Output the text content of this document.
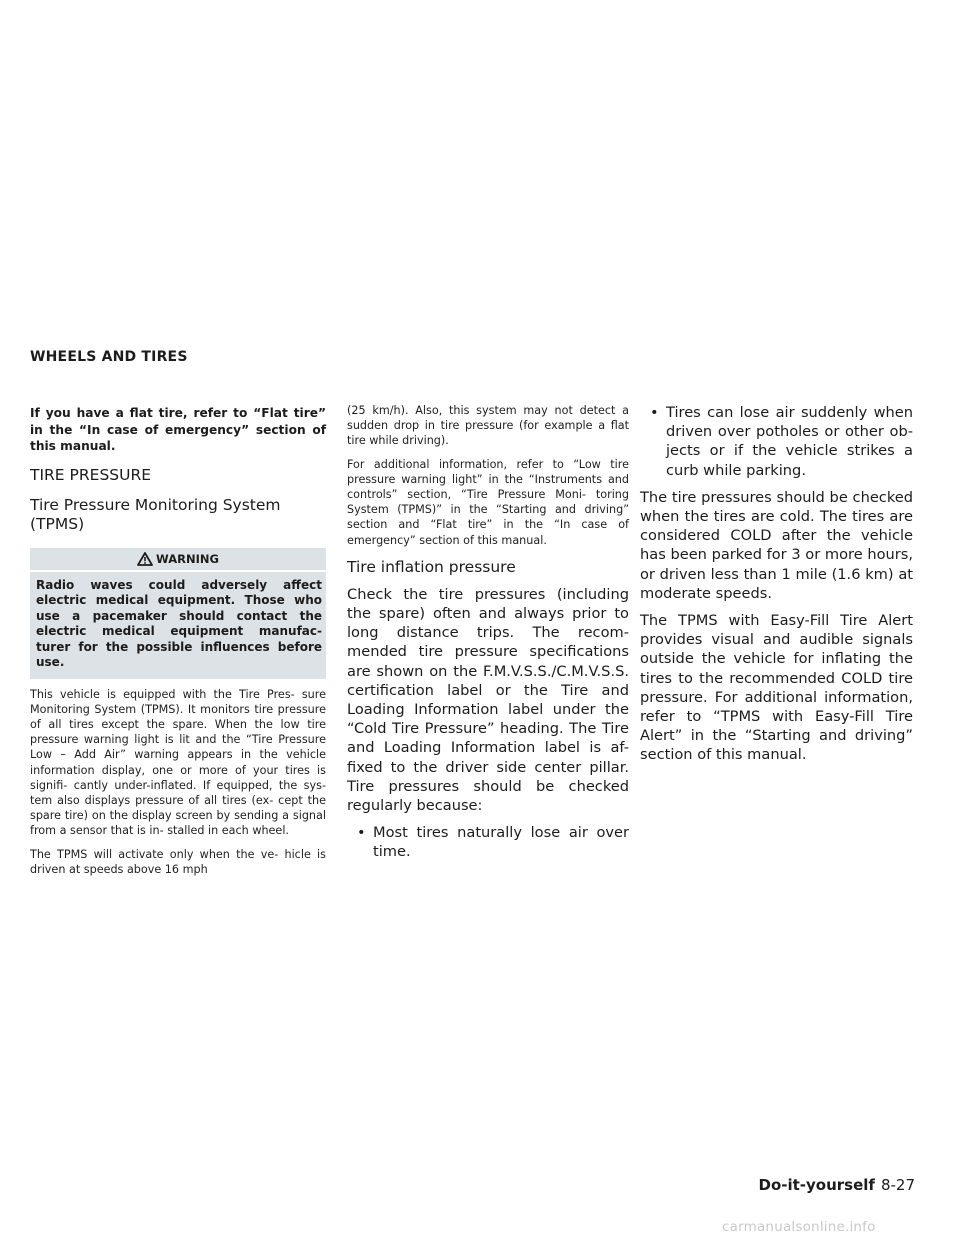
WHEELS AND TIRES

If you have a flat tire, refer to “Flat tire” in the “In case of emergency” section of this manual.

TIRE PRESSURE
Tire Pressure Monitoring System (TPMS)
WARNING
Radio waves could adversely affect electric medical equipment. Those who use a pacemaker should contact the electric medical equipment manufac- turer for the possible influences before use.

This vehicle is equipped with the Tire Pres- sure Monitoring System (TPMS). It monitors tire pressure of all tires except the spare. When the low tire pressure warning light is lit and the “Tire Pressure Low – Add Air” warning appears in the vehicle information display, one or more of your tires is signifi- cantly under-inflated. If equipped, the sys- tem also displays pressure of all tires (ex- cept the spare tire) on the display screen by sending a signal from a sensor that is in- stalled in each wheel.

The TPMS will activate only when the ve- hicle is driven at speeds above 16 mph

(25 km/h). Also, this system may not detect a sudden drop in tire pressure (for example a flat tire while driving).

For additional information, refer to “Low tire pressure warning light” in the “Instruments and controls” section, “Tire Pressure Moni- toring System (TPMS)” in the “Starting and driving” section and “Flat tire” in the “In case of emergency” section of this manual.

Tire inflation pressure

Check the tire pressures (including the spare) often and always prior to long distance trips. The recom- mended tire pressure specifications are shown on the F.M.V.S.S./C.M.V.S.S. certification label or the Tire and Loading Information label under the “Cold Tire Pressure” heading. The Tire and Loading Information label is af- fixed to the driver side center pillar. Tire pressures should be checked regularly because:

• Most tires naturally lose air over time.
• Tires can lose air suddenly when driven over potholes or other ob- jects or if the vehicle strikes a curb while parking.

The tire pressures should be checked when the tires are cold. The tires are considered COLD after the vehicle has been parked for 3 or more hours, or driven less than 1 mile (1.6 km) at moderate speeds.

The TPMS with Easy-Fill Tire Alert provides visual and audible signals outside the vehicle for inflating the tires to the recommended COLD tire pressure. For additional information, refer to “TPMS with Easy-Fill Tire Alert” in the “Starting and driving” section of this manual.

Do-it-yourself 8-27
carmanualsonline.info
